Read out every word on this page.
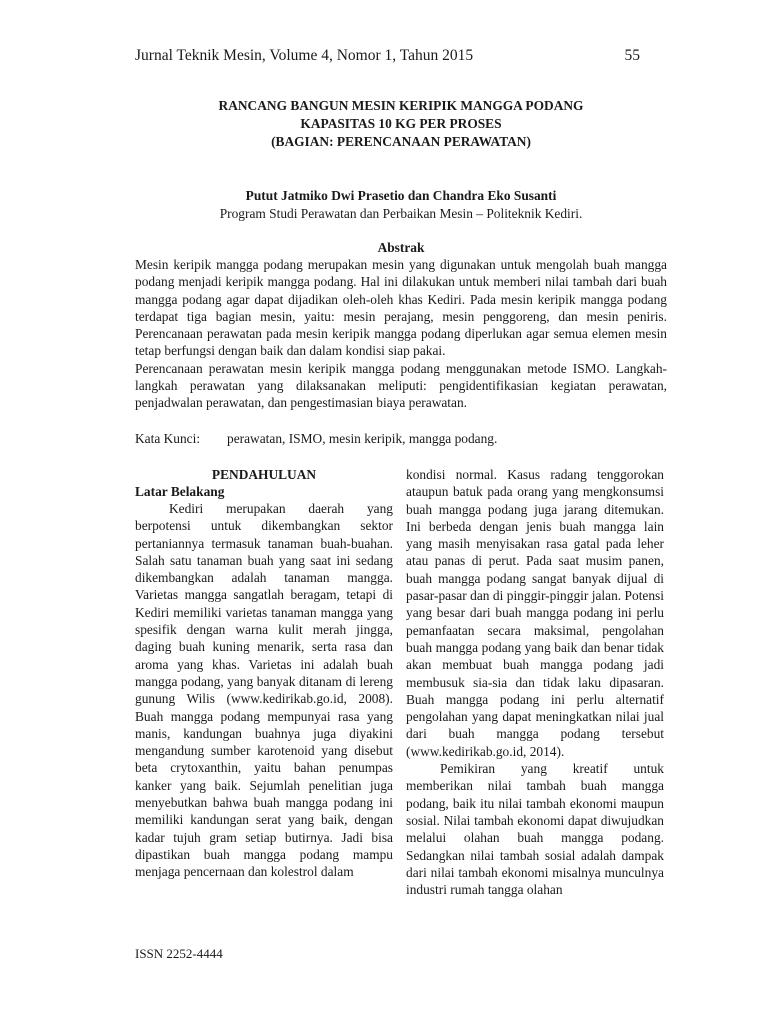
Jurnal Teknik Mesin, Volume 4, Nomor 1, Tahun 2015	55
RANCANG BANGUN MESIN KERIPIK MANGGA PODANG
KAPASITAS 10 KG PER PROSES
(BAGIAN: PERENCANAAN PERAWATAN)
Putut Jatmiko Dwi Prasetio dan Chandra Eko Susanti
Program Studi Perawatan dan Perbaikan Mesin – Politeknik Kediri.
Abstrak

Mesin keripik mangga podang merupakan mesin yang digunakan untuk mengolah buah mangga podang menjadi keripik mangga podang. Hal ini dilakukan untuk memberi nilai tambah dari buah mangga podang agar dapat dijadikan oleh-oleh khas Kediri. Pada mesin keripik mangga podang terdapat tiga bagian mesin, yaitu: mesin perajang, mesin penggoreng, dan mesin peniris. Perencanaan perawatan pada mesin keripik mangga podang diperlukan agar semua elemen mesin tetap berfungsi dengan baik dan dalam kondisi siap pakai.

Perencanaan perawatan mesin keripik mangga podang menggunakan metode ISMO. Langkah-langkah perawatan yang dilaksanakan meliputi: pengidentifikasian kegiatan perawatan, penjadwalan perawatan, dan pengestimasian biaya perawatan.

Kata Kunci: perawatan, ISMO, mesin keripik, mangga podang.

PENDAHULUAN

Latar Belakang

Kediri merupakan daerah yang berpotensi untuk dikembangkan sektor pertaniannya termasuk tanaman buah-buahan. Salah satu tanaman buah yang saat ini sedang dikembangkan adalah tanaman mangga. Varietas mangga sangatlah beragam, tetapi di Kediri memiliki varietas tanaman mangga yang spesifik dengan warna kulit merah jingga, daging buah kuning menarik, serta rasa dan aroma yang khas. Varietas ini adalah buah mangga podang, yang banyak ditanam di lereng gunung Wilis (www.kedirikab.go.id, 2008). Buah mangga podang mempunyai rasa yang manis, kandungan buahnya juga diyakini mengandung sumber karotenoid yang disebut beta crytoxanthin, yaitu bahan penumpas kanker yang baik. Sejumlah penelitian juga menyebutkan bahwa buah mangga podang ini memiliki kandungan serat yang baik, dengan kadar tujuh gram setiap butirnya. Jadi bisa dipastikan buah mangga podang mampu menjaga pencernaan dan kolestrol dalam

kondisi normal. Kasus radang tenggorokan ataupun batuk pada orang yang mengkonsumsi buah mangga podang juga jarang ditemukan. Ini berbeda dengan jenis buah mangga lain yang masih menyisakan rasa gatal pada leher atau panas di perut. Pada saat musim panen, buah mangga podang sangat banyak dijual di pasar-pasar dan di pinggir-pinggir jalan. Potensi yang besar dari buah mangga podang ini perlu pemanfaatan secara maksimal, pengolahan buah mangga podang yang baik dan benar tidak akan membuat buah mangga podang jadi membusuk sia-sia dan tidak laku dipasaran. Buah mangga podang ini perlu alternatif pengolahan yang dapat meningkatkan nilai jual dari buah mangga podang tersebut (www.kedirikab.go.id, 2014).

Pemikiran yang kreatif untuk memberikan nilai tambah buah mangga podang, baik itu nilai tambah ekonomi maupun sosial. Nilai tambah ekonomi dapat diwujudkan melalui olahan buah mangga podang. Sedangkan nilai tambah sosial adalah dampak dari nilai tambah ekonomi misalnya munculnya industri rumah tangga olahan

ISSN 2252-4444
